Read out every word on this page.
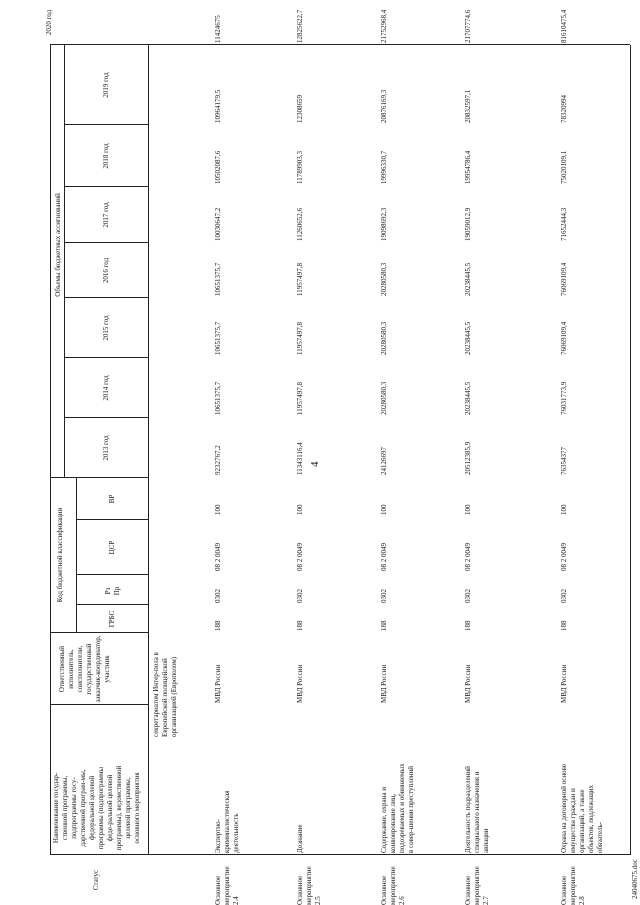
4
Статус
Наименование государ-ственной программы, подпрограммы госу-дарственной програм-мы, федеральной целевой программы (подпрограммы феде-ральной целевой программы), ведомственной целевой программы, основного мероприятия
Ответственный исполнитель, соисполнители, государственный заказчик-координатор, участник
Код бюджетной классификации
ГРБС
Рз Пр
ЦСР
ВР
Объемы бюджетных ассигнований
2013 год
2014 год
2015 год
2016 год
2017 год
2018 год
2019 год
2020 год
секретариатом Интер-пола в Европейской полицейской организацией (Европолом)
Основное мероприятие 2.4
Экспертно-криминалистическая деятельность
МВД России
188
0302
08 2 0049
100
9232767,2
10651375,7
10651375,7
10651375,7
10030647,2
10502087,6
10964179,5
11424675
Основное мероприятие 2.5
Дознание
МВД России
188
0302
08 2 0049
100
11343116,4
11957497,8
11957497,8
11957497,8
11260652,6
11789903,3
12308659
12825622,7
Основное мероприятие 2.6
Содержание, охрана и конвоирование лиц, подозреваемых и обвиняемых в совер-шении преступлений
МВД России
188
0302
08 2 0049
100
24126697
20280580,3
20280580,3
20280580,3
19098692,3
19996330,7
20876169,3
21752968,4
Основное мероприятие 2.7
Деятельность подразделений специального назначения и авиации
МВД России
188
0302
08 2 0049
100
20512385,9
20238445,5
20238445,5
20238445,5
19059012,9
19954786,4
20832597,1
21707774,6
Основное мероприятие 2.8
Охрана на договорной основе имущества граждан и организаций, а также объектов, подлежащих обязатель-
МВД России
188
0302
08 2 0049
100
76354377
76031773,9
76069109,4
76069109,4
71652444,3
75020109,1
78320994
81610475,4
24040675.doc
